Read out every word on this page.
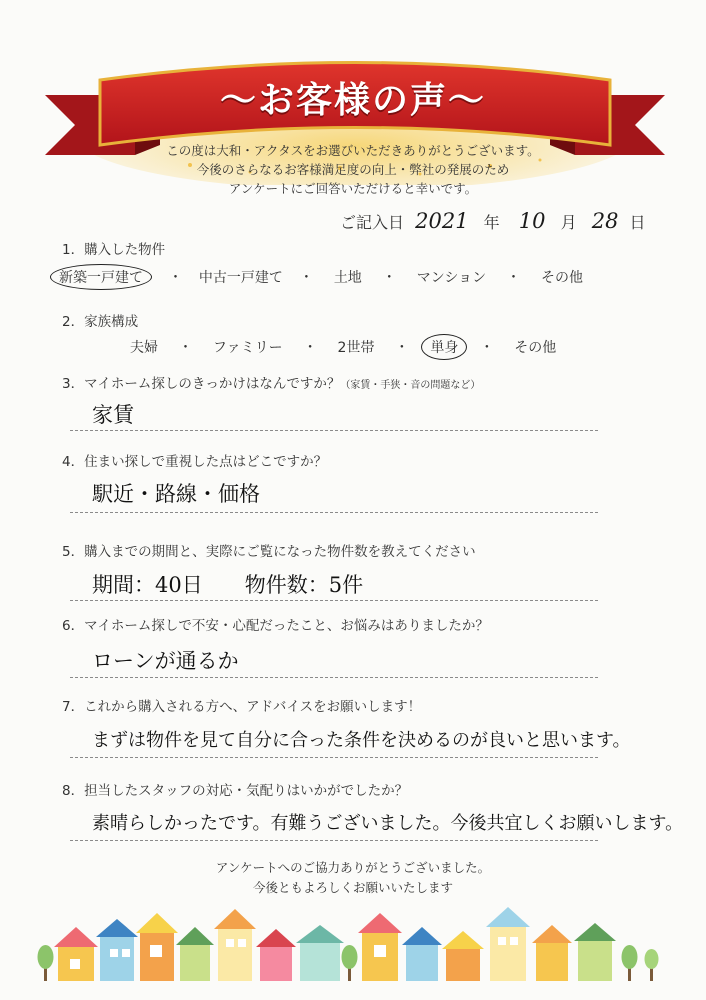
～お客様の声～
この度は大和・アクタスをお選びいただきありがとうございます。
今後のさらなるお客様満足度の向上・弊社の発展のため
アンケートにご回答いただけると幸いです。
ご記入日 2021 年 10 月 28 日
1．購入した物件
新築一戸建て ・ 中古一戸建て ・ 土地 ・ マンション ・ その他
2．家族構成
夫婦 ・ ファミリー ・ 2世帯 ・ 単身 ・ その他
3．マイホーム探しのきっかけはなんですか？（家賃・手狭・音の問題など）
家賃
4．住まい探しで重視した点はどこですか？
駅近・路線・価格
5．購入までの期間と、実際にご覧になった物件数を教えてください
期間：40日　　物件数：5件
6．マイホーム探しで不安・心配だったこと、お悩みはありましたか？
ローンが通るか
7．これから購入される方へ、アドバイスをお願いします！
まずは物件を見て自分に合った条件を決めるのが良いと思います。
8．担当したスタッフの対応・気配りはいかがでしたか？
素晴らしかったです。有難うございました。今後共宜しくお願いします。
アンケートへのご協力ありがとうございました。
今後ともよろしくお願いいたします
